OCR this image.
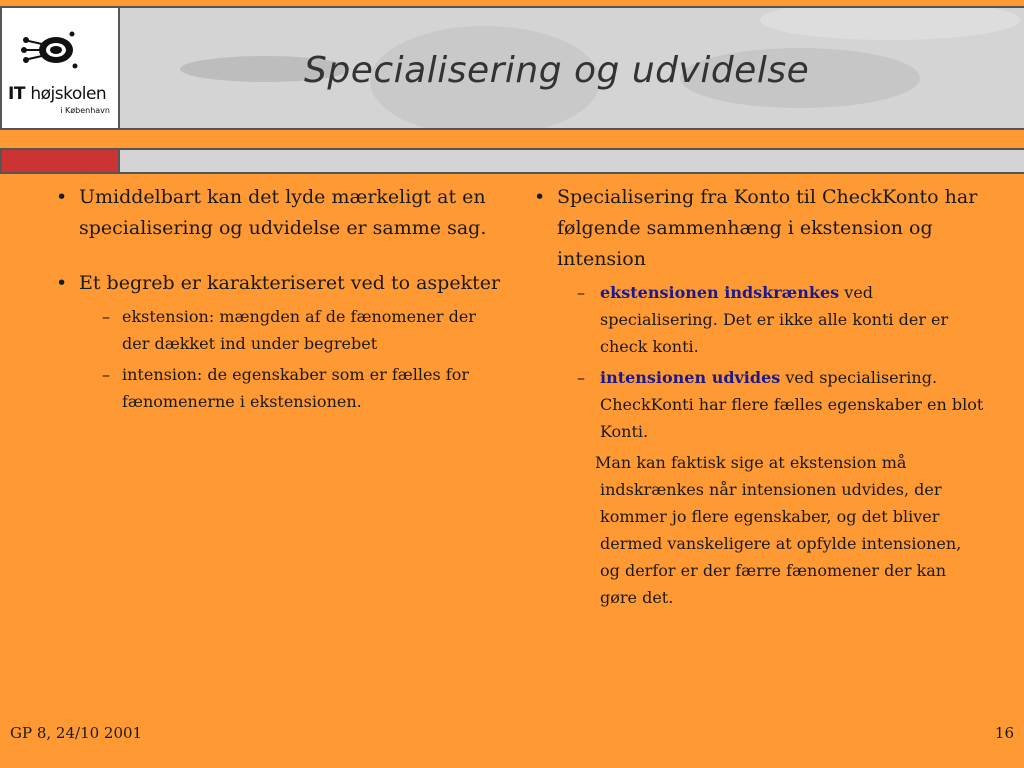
Specialisering og udvidelse
IT højskolen
i København
• Umiddelbart kan det lyde mærkeligt at en specialisering og udvidelse er samme sag.
• Et begreb er karakteriseret ved to aspekter
– ekstension: mængden af de fænomener der der dækket ind under begrebet
– intension: de egenskaber som er fælles for fænomenerne i ekstensionen.
• Specialisering fra Konto til CheckKonto har følgende sammenhæng i ekstension og intension
– ekstensionen indskrænkes ved specialisering. Det er ikke alle konti der er check konti.
– intensionen udvides ved specialisering. CheckKonti har flere fælles egenskaber en blot Konti.
Man kan faktisk sige at ekstension må indskrænkes når intensionen udvides, der kommer jo flere egenskaber, og det bliver dermed vanskeligere at opfylde intensionen, og derfor er der færre fænomener der kan gøre det.
GP 8, 24/10 2001	16
